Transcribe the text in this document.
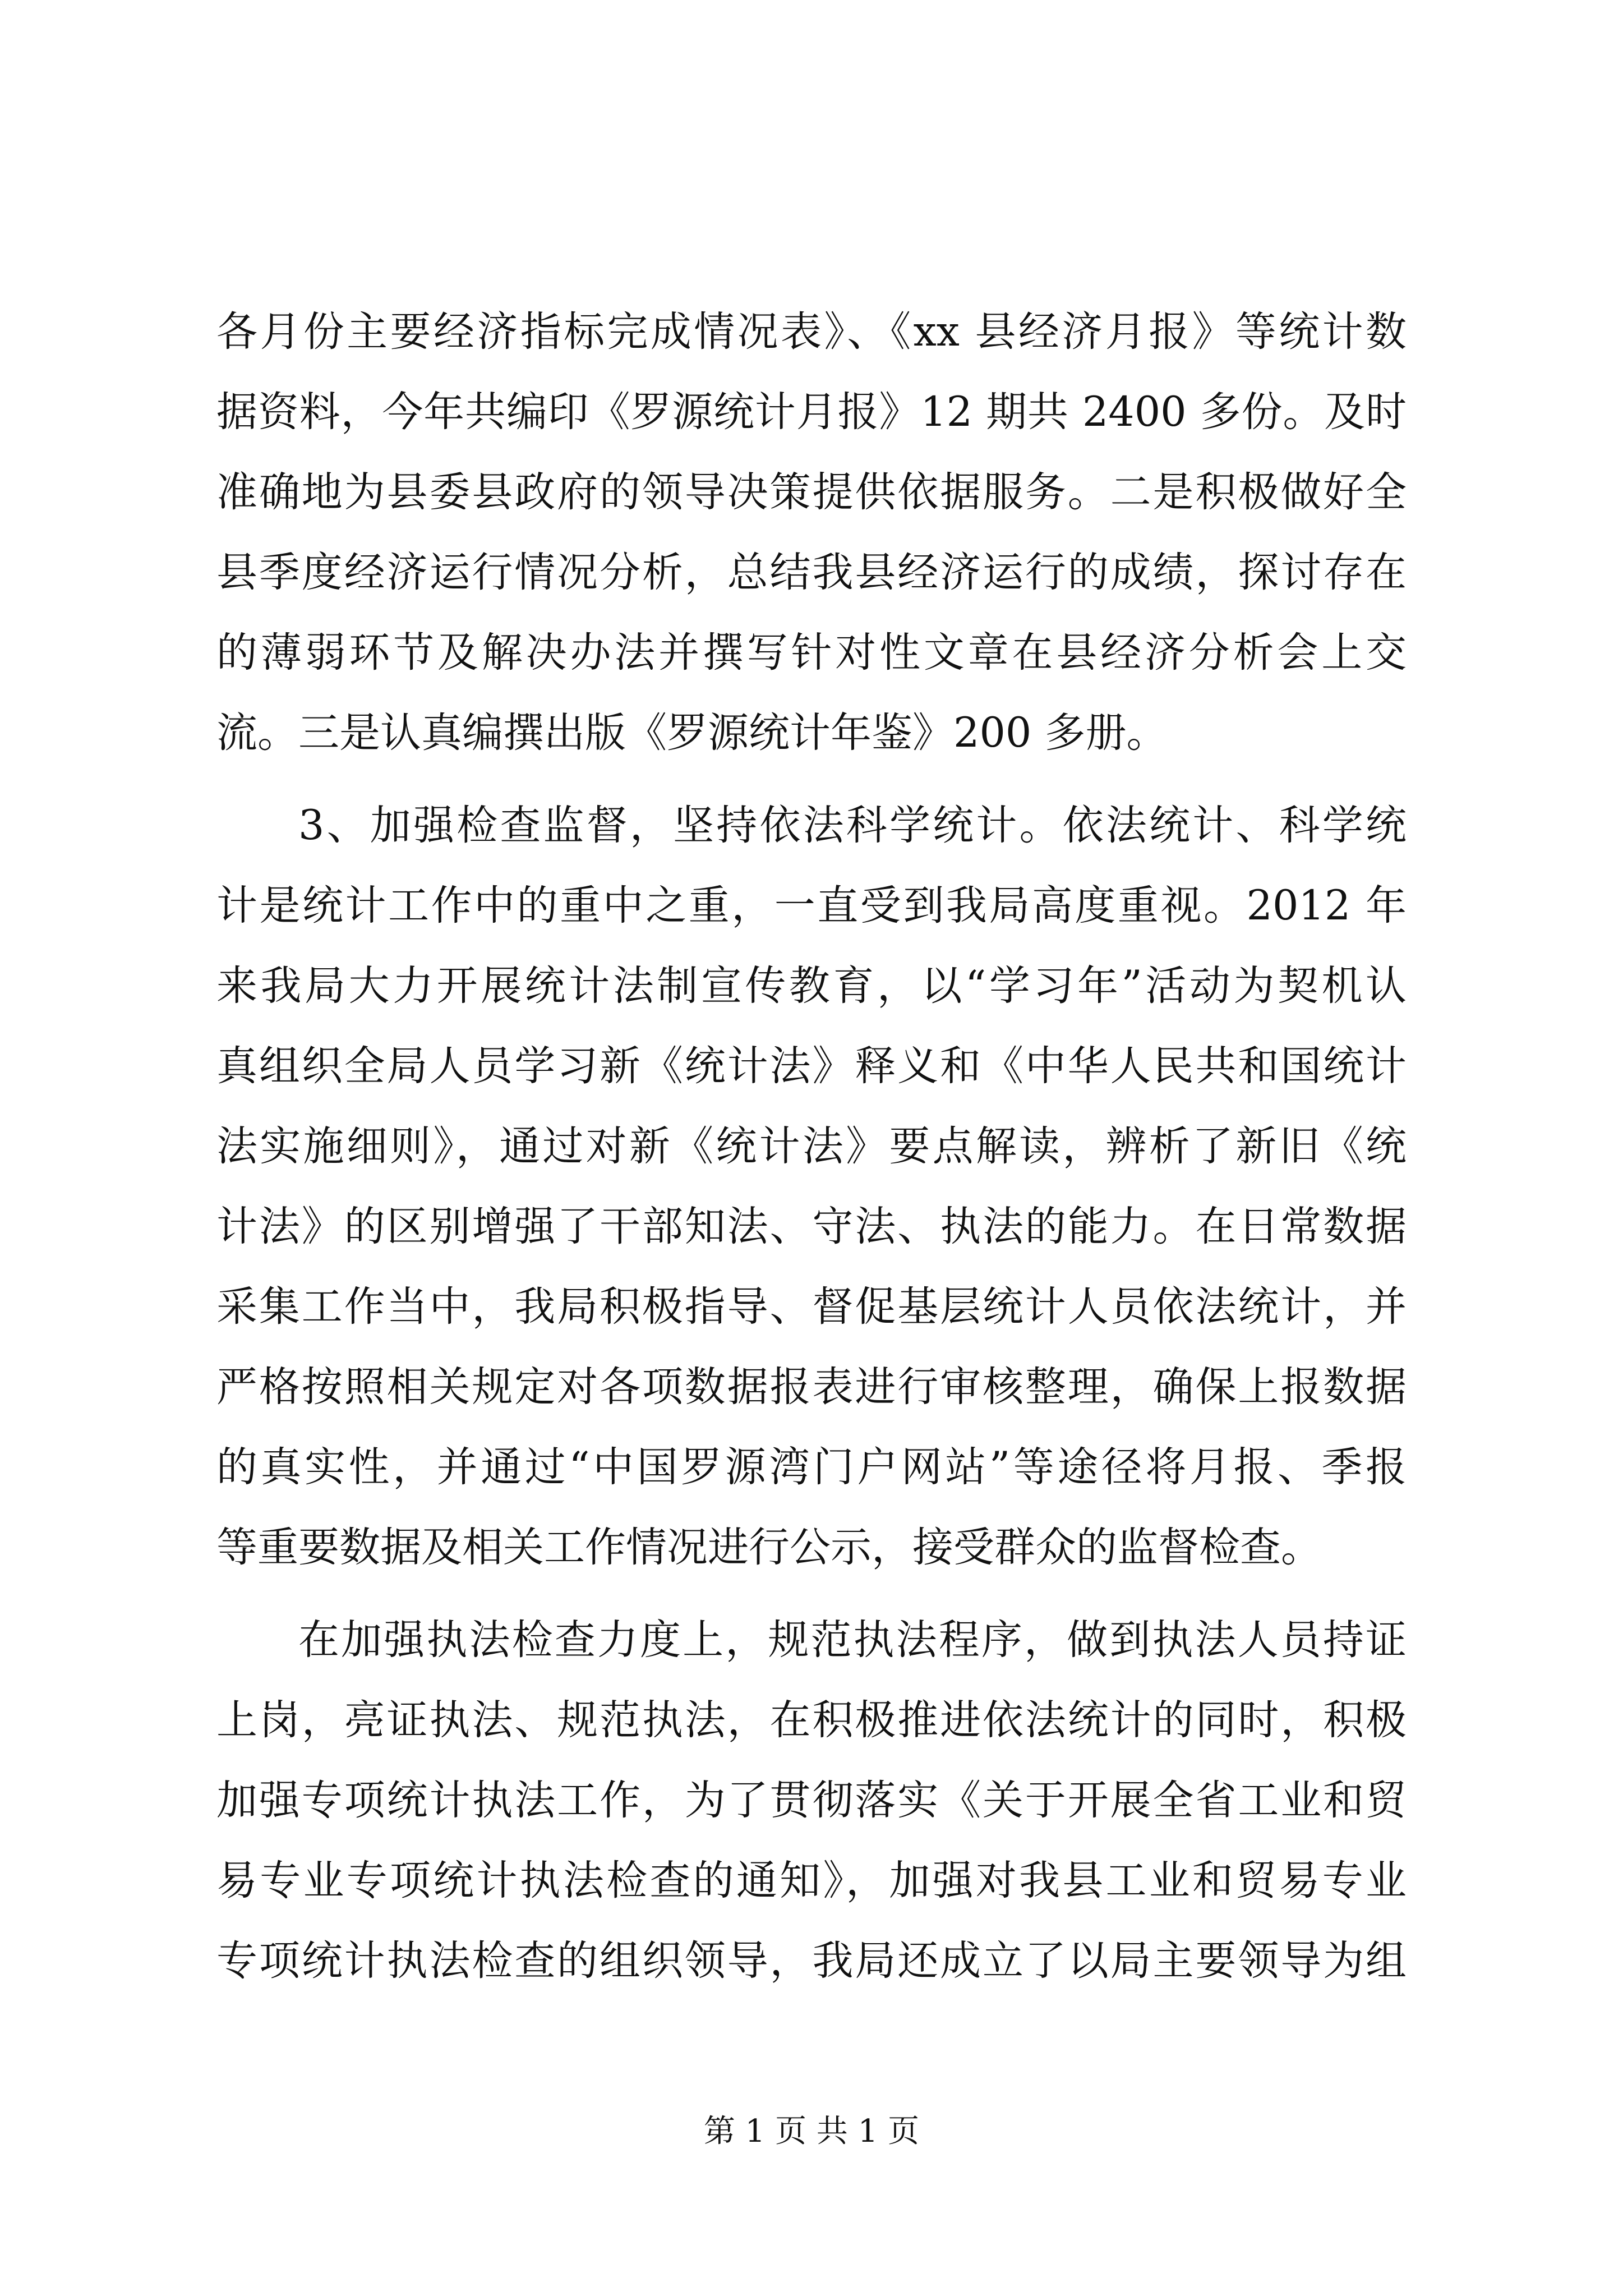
各月份主要经济指标完成情况表》、《xx 县经济月报》等统计数
据资料，今年共编印《罗源统计月报》12 期共 2400 多份。及时
准确地为县委县政府的领导决策提供依据服务。二是积极做好全
县季度经济运行情况分析，总结我县经济运行的成绩，探讨存在
的薄弱环节及解决办法并撰写针对性文章在县经济分析会上交
流。三是认真编撰出版《罗源统计年鉴》200 多册。
3、加强检查监督，坚持依法科学统计。依法统计、科学统
计是统计工作中的重中之重，一直受到我局高度重视。2012 年
来我局大力开展统计法制宣传教育，以“学习年”活动为契机认
真组织全局人员学习新《统计法》释义和《中华人民共和国统计
法实施细则》，通过对新《统计法》要点解读，辨析了新旧《统
计法》的区别增强了干部知法、守法、执法的能力。在日常数据
采集工作当中，我局积极指导、督促基层统计人员依法统计，并
严格按照相关规定对各项数据报表进行审核整理，确保上报数据
的真实性，并通过“中国罗源湾门户网站”等途径将月报、季报
等重要数据及相关工作情况进行公示，接受群众的监督检查。
在加强执法检查力度上，规范执法程序，做到执法人员持证
上岗，亮证执法、规范执法，在积极推进依法统计的同时，积极
加强专项统计执法工作，为了贯彻落实《关于开展全省工业和贸
易专业专项统计执法检查的通知》，加强对我县工业和贸易专业
专项统计执法检查的组织领导，我局还成立了以局主要领导为组
第 1 页 共 1 页
